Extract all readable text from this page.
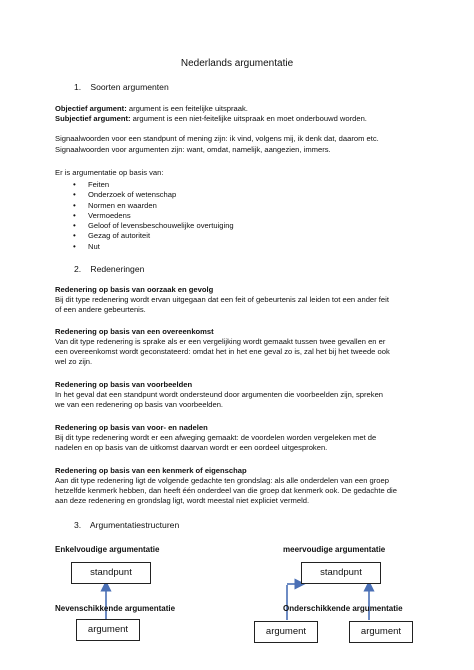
Nederlands argumentatie
1. Soorten argumenten
Objectief argument: argument is een feitelijke uitspraak.
Subjectief argument: argument is een niet-feitelijke uitspraak en moet onderbouwd worden.
Signaalwoorden voor een standpunt of mening zijn: ik vind, volgens mij, ik denk dat, daarom etc.
Signaalwoorden voor argumenten zijn: want, omdat, namelijk, aangezien, immers.
Er is argumentatie op basis van:
• Feiten
• Onderzoek of wetenschap
• Normen en waarden
• Vermoedens
• Geloof of levensbeschouwelijke overtuiging
• Gezag of autoriteit
• Nut
2. Redeneringen
Redenering op basis van oorzaak en gevolg
Bij dit type redenering wordt ervan uitgegaan dat een feit of gebeurtenis zal leiden tot een ander feit
of een andere gebeurtenis.
Redenering op basis van een overeenkomst
Van dit type redenering is sprake als er een vergelijking wordt gemaakt tussen twee gevallen en er
een overeenkomst wordt geconstateerd: omdat het in het ene geval zo is, zal het bij het tweede ook
wel zo zijn.
Redenering op basis van voorbeelden
In het geval dat een standpunt wordt ondersteund door argumenten die voorbeelden zijn, spreken
we van een redenering op basis van voorbeelden.
Redenering op basis van voor- en nadelen
Bij dit type redenering wordt er een afweging gemaakt: de voordelen worden vergeleken met de
nadelen en op basis van de uitkomst daarvan wordt er een oordeel uitgesproken.
Redenering op basis van een kenmerk of eigenschap
Aan dit type redenering ligt de volgende gedachte ten grondslag: als alle onderdelen van een groep
hetzelfde kenmerk hebben, dan heeft één onderdeel van die groep dat kenmerk ook. De gedachte die
aan deze redenering en grondslag ligt, wordt meestal niet expliciet vermeld.
3. Argumentatiestructuren
Enkelvoudige argumentatie	meervoudige argumentatie
standpunt	standpunt
Nevenschikkende argumentatie	Onderschikkende argumentatie
argument	argument	argument
